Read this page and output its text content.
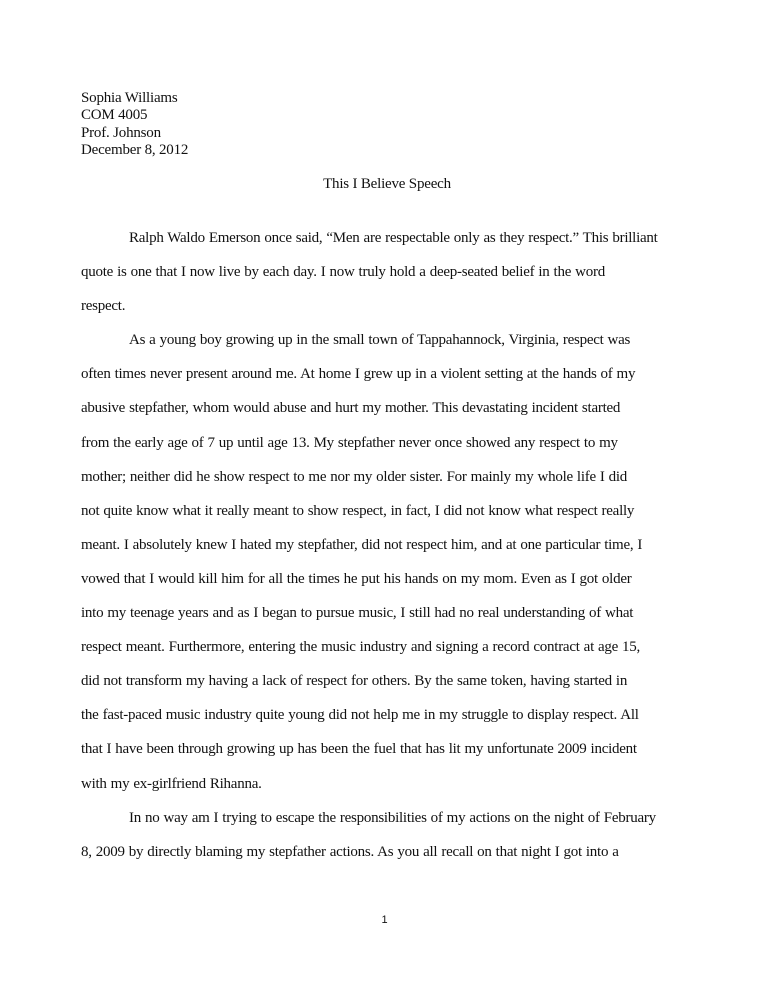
Sophia Williams
COM 4005
Prof. Johnson
December 8, 2012
This I Believe Speech
Ralph Waldo Emerson once said, “Men are respectable only as they respect.” This brilliant
quote is one that I now live by each day. I now truly hold a deep-seated belief in the word
respect.
As a young boy growing up in the small town of Tappahannock, Virginia, respect was
often times never present around me. At home I grew up in a violent setting at the hands of my
abusive stepfather, whom would abuse and hurt my mother. This devastating incident started
from the early age of 7 up until age 13. My stepfather never once showed any respect to my
mother; neither did he show respect to me nor my older sister. For mainly my whole life I did
not quite know what it really meant to show respect, in fact, I did not know what respect really
meant. I absolutely knew I hated my stepfather, did not respect him, and at one particular time, I
vowed that I would kill him for all the times he put his hands on my mom. Even as I got older
into my teenage years and as I began to pursue music, I still had no real understanding of what
respect meant. Furthermore, entering the music industry and signing a record contract at age 15,
did not transform my having a lack of respect for others. By the same token, having started in
the fast-paced music industry quite young did not help me in my struggle to display respect. All
that I have been through growing up has been the fuel that has lit my unfortunate 2009 incident
with my ex-girlfriend Rihanna.
In no way am I trying to escape the responsibilities of my actions on the night of February
8, 2009 by directly blaming my stepfather actions. As you all recall on that night I got into a
1
